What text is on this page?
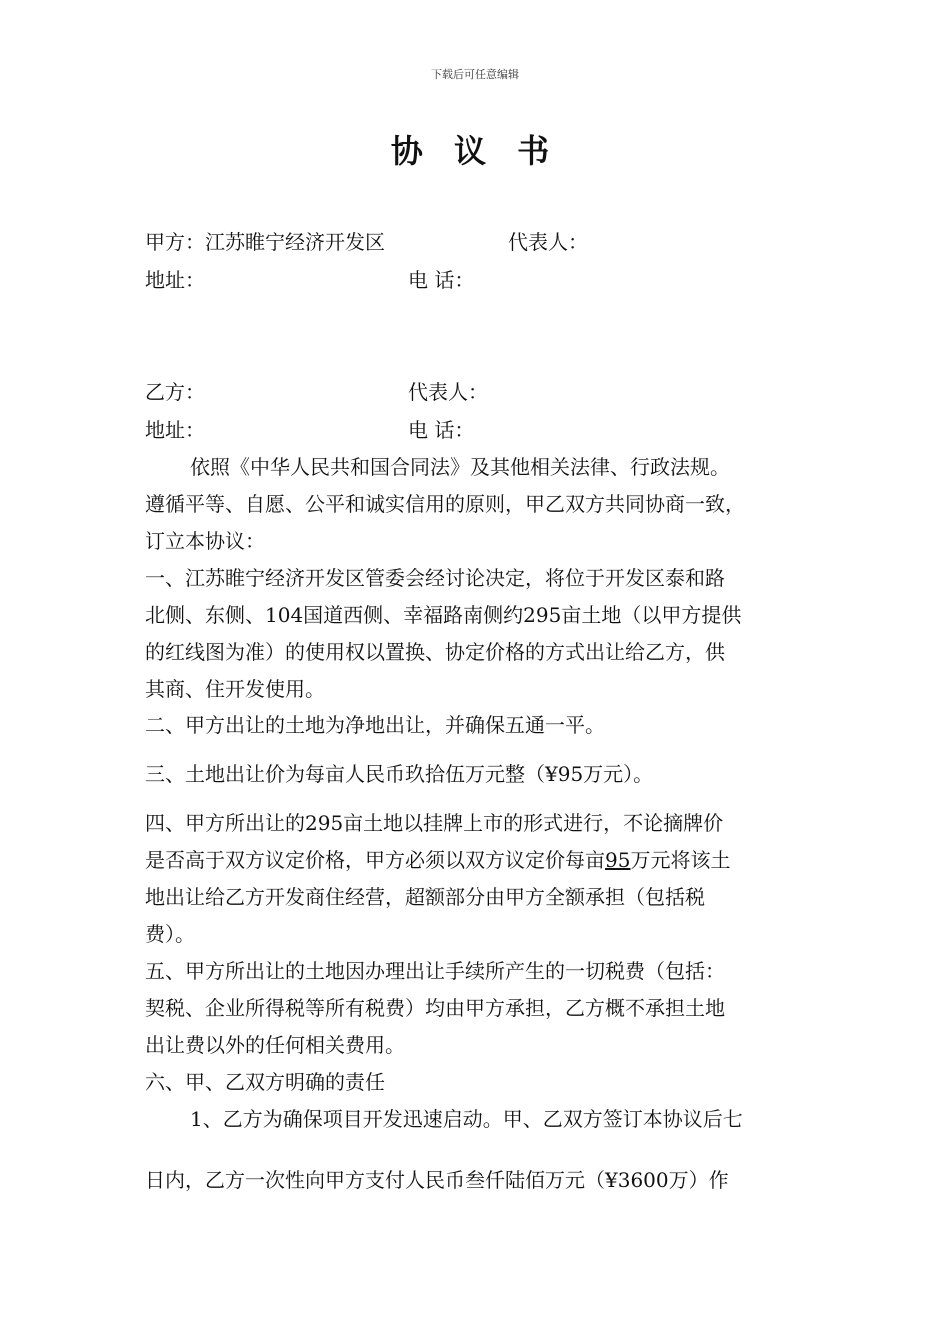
下载后可任意编辑
协 议 书
甲方：江苏睢宁经济开发区	代表人：
地址：	电 话：
乙方：	代表人：
地址：	电 话：
依照《中华人民共和国合同法》及其他相关法律、行政法规。
遵循平等、自愿、公平和诚实信用的原则，甲乙双方共同协商一致，
订立本协议：
一、江苏睢宁经济开发区管委会经讨论决定，将位于开发区泰和路
北侧、东侧、104国道西侧、幸福路南侧约295亩土地（以甲方提供
的红线图为准）的使用权以置换、协定价格的方式出让给乙方，供
其商、住开发使用。
二、甲方出让的土地为净地出让，并确保五通一平。
三、土地出让价为每亩人民币玖拾伍万元整（¥95万元）。
四、甲方所出让的295亩土地以挂牌上市的形式进行，不论摘牌价
是否高于双方议定价格，甲方必须以双方议定价每亩95万元将该土
地出让给乙方开发商住经营，超额部分由甲方全额承担（包括税
费）。
五、甲方所出让的土地因办理出让手续所产生的一切税费（包括：
契税、企业所得税等所有税费）均由甲方承担，乙方概不承担土地
出让费以外的任何相关费用。
六、甲、乙双方明确的责任
1、乙方为确保项目开发迅速启动。甲、乙双方签订本协议后七
日内，乙方一次性向甲方支付人民币叁仟陆佰万元（¥3600万）作
